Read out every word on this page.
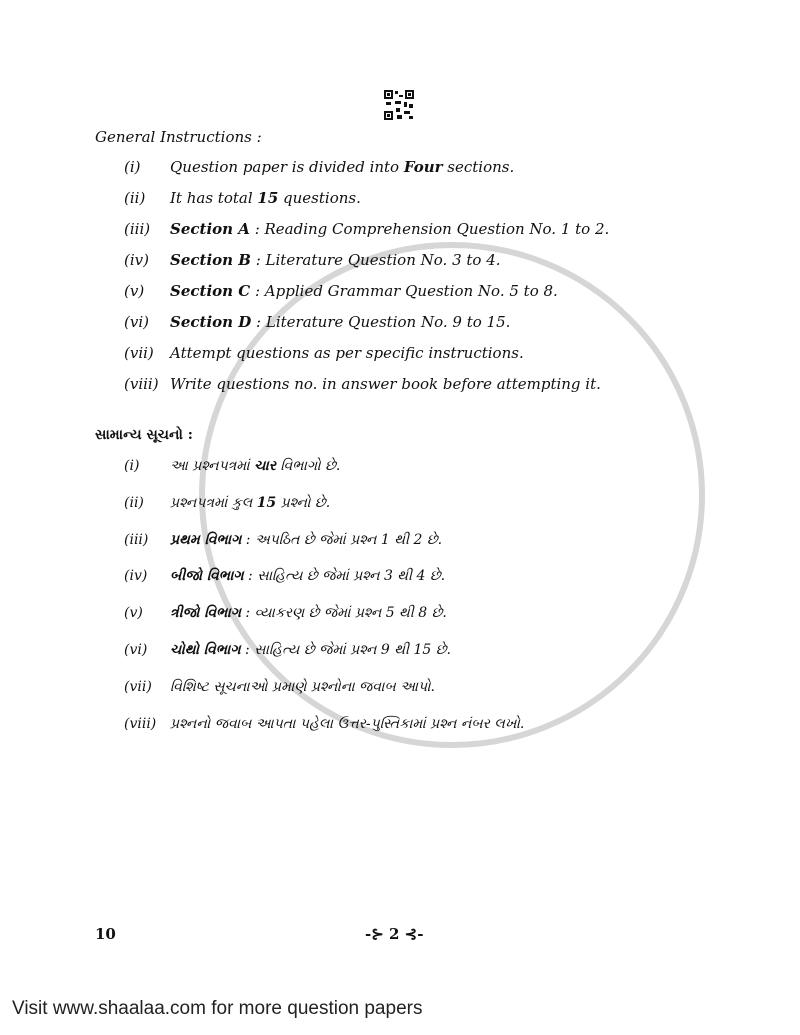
General Instructions :
(i) Question paper is divided into Four sections.
(ii) It has total 15 questions.
(iii) Section A : Reading Comprehension Question No. 1 to 2.
(iv) Section B : Literature Question No. 3 to 4.
(v) Section C : Applied Grammar Question No. 5 to 8.
(vi) Section D : Literature Question No. 9 to 15.
(vii) Attempt questions as per specific instructions.
(viii) Write questions no. in answer book before attempting it.
સામાન્ય સૂચનો :
(i) આ પ્રશ્નપત્રમાં ચાર વિભાગો છે.
(ii) પ્રશ્નપત્રમાં કુલ 15 પ્રશ્નો છે.
(iii) પ્રથમ વિભાગ : અપઠિત છે જેમાં પ્રશ્ન 1 થી 2 છે.
(iv) બીજો વિભાગ : સાહિત્ય છે જેમાં પ્રશ્ન 3 થી 4 છે.
(v) ત્રીજો વિભાગ : વ્યાકરણ છે જેમાં પ્રશ્ન 5 થી 8 છે.
(vi) ચોથો વિભાગ : સાહિત્ય છે જેમાં પ્રશ્ન 9 થી 15 છે.
(vii) વિશિષ્ટ સૂચનાઓ પ્રમાણે પ્રશ્નોના જવાબ આપો.
(viii) પ્રશ્નનો જવાબ આપતા પહેલા ઉત્તર-પુસ્તિકામાં પ્રશ્ન નંબર લખો.
10	-⊱ 2 ⊰-
Visit www.shaalaa.com for more question papers
